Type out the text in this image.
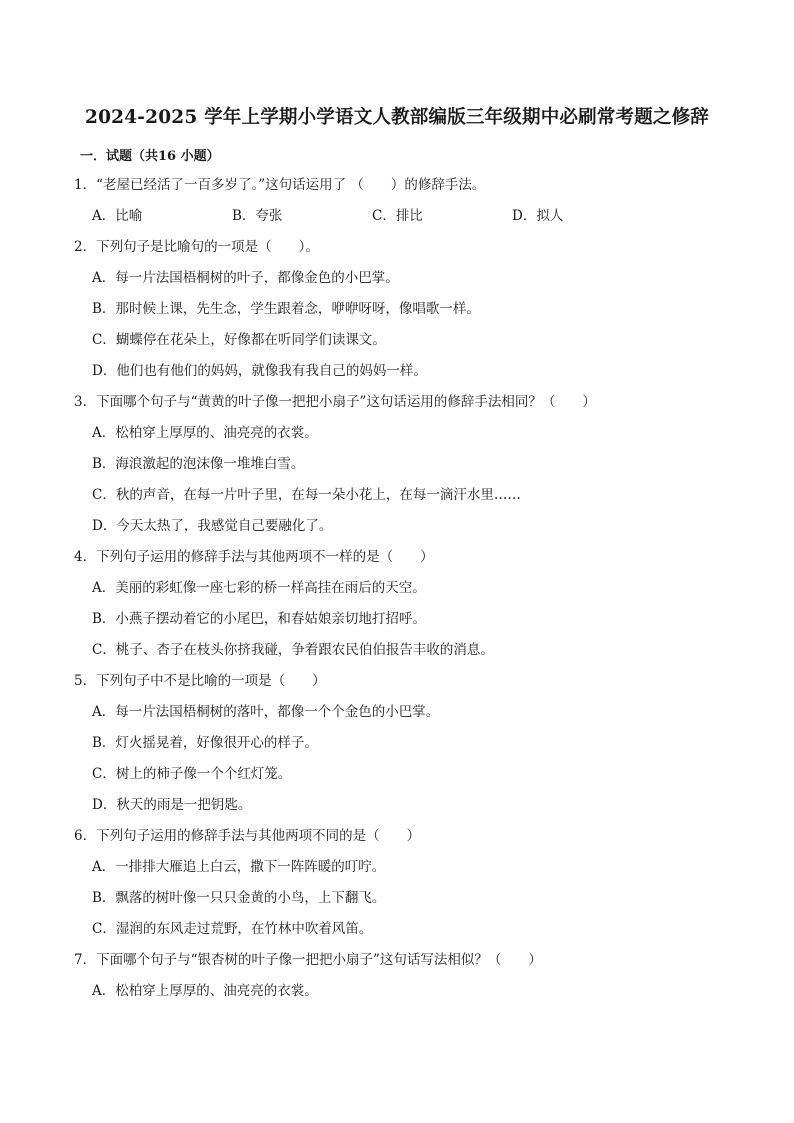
2024-2025 学年上学期小学语文人教部编版三年级期中必刷常考题之修辞
一．试题（共16 小题）
1．“老屋已经活了一百多岁了。”这句话运用了 （　　）的修辞手法。
A．比喻	B．夸张	C．排比	D．拟人
2．下列句子是比喻句的一项是（　　）。
A．每一片法国梧桐树的叶子，都像金色的小巴掌。
B．那时候上课，先生念，学生跟着念，咿咿呀呀，像唱歌一样。
C．蝴蝶停在花朵上，好像都在听同学们读课文。
D．他们也有他们的妈妈，就像我有我自己的妈妈一样。
3．下面哪个句子与“黄黄的叶子像一把把小扇子”这句话运用的修辞手法相同？（　　）
A．松柏穿上厚厚的、油亮亮的衣裳。
B．海浪激起的泡沫像一堆堆白雪。
C．秋的声音，在每一片叶子里，在每一朵小花上，在每一滴汗水里……
D．今天太热了，我感觉自己要融化了。
4．下列句子运用的修辞手法与其他两项不一样的是（　　）
A．美丽的彩虹像一座七彩的桥一样高挂在雨后的天空。
B．小燕子摆动着它的小尾巴，和春姑娘亲切地打招呼。
C．桃子、杏子在枝头你挤我碰，争着跟农民伯伯报告丰收的消息。
5．下列句子中不是比喻的一项是（　　）
A．每一片法国梧桐树的落叶，都像一个个金色的小巴掌。
B．灯火摇晃着，好像很开心的样子。
C．树上的柿子像一个个红灯笼。
D．秋天的雨是一把钥匙。
6．下列句子运用的修辞手法与其他两项不同的是（　　）
A．一排排大雁追上白云，撒下一阵阵暖的叮咛。
B．飘落的树叶像一只只金黄的小鸟，上下翻飞。
C．湿润的东风走过荒野，在竹林中吹着风笛。
7．下面哪个句子与“银杏树的叶子像一把把小扇子”这句话写法相似？（　　）
A．松柏穿上厚厚的、油亮亮的衣裳。
